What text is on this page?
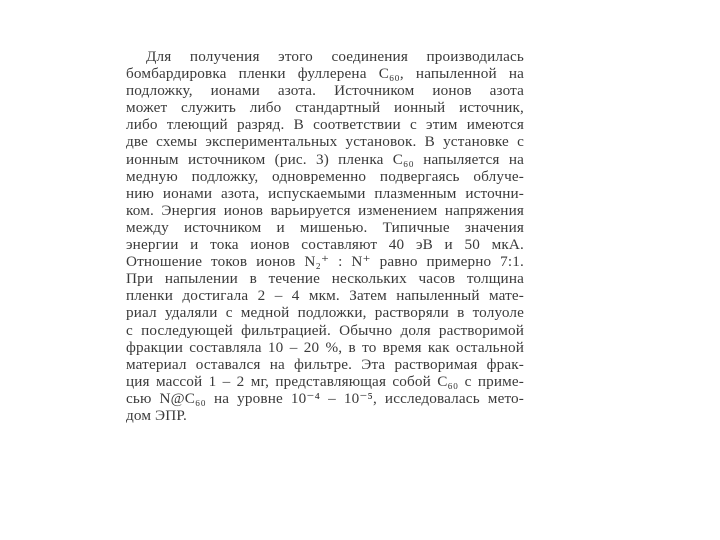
Для получения этого соединения производилась
бомбардировка пленки фуллерена C₆₀, напыленной на
подложку, ионами азота. Источником ионов азота
может служить либо стандартный ионный источник,
либо тлеющий разряд. В соответствии с этим имеются
две схемы экспериментальных установок. В установке с
ионным источником (рис. 3) пленка C₆₀ напыляется на
медную подложку, одновременно подвергаясь облуче-
нию ионами азота, испускаемыми плазменным источни-
ком. Энергия ионов варьируется изменением напряжения
между источником и мишенью. Типичные значения
энергии и тока ионов составляют 40 эВ и 50 мкА.
Отношение токов ионов N₂⁺ : N⁺ равно примерно 7:1.
При напылении в течение нескольких часов толщина
пленки достигала 2 – 4 мкм. Затем напыленный мате-
риал удаляли с медной подложки, растворяли в толуоле
с последующей фильтрацией. Обычно доля растворимой
фракции составляла 10 – 20 %, в то время как остальной
материал оставался на фильтре. Эта растворимая фрак-
ция массой 1 – 2 мг, представляющая собой C₆₀ с приме-
сью N@C₆₀ на уровне 10⁻⁴ – 10⁻⁵, исследовалась мето-
дом ЭПР.
